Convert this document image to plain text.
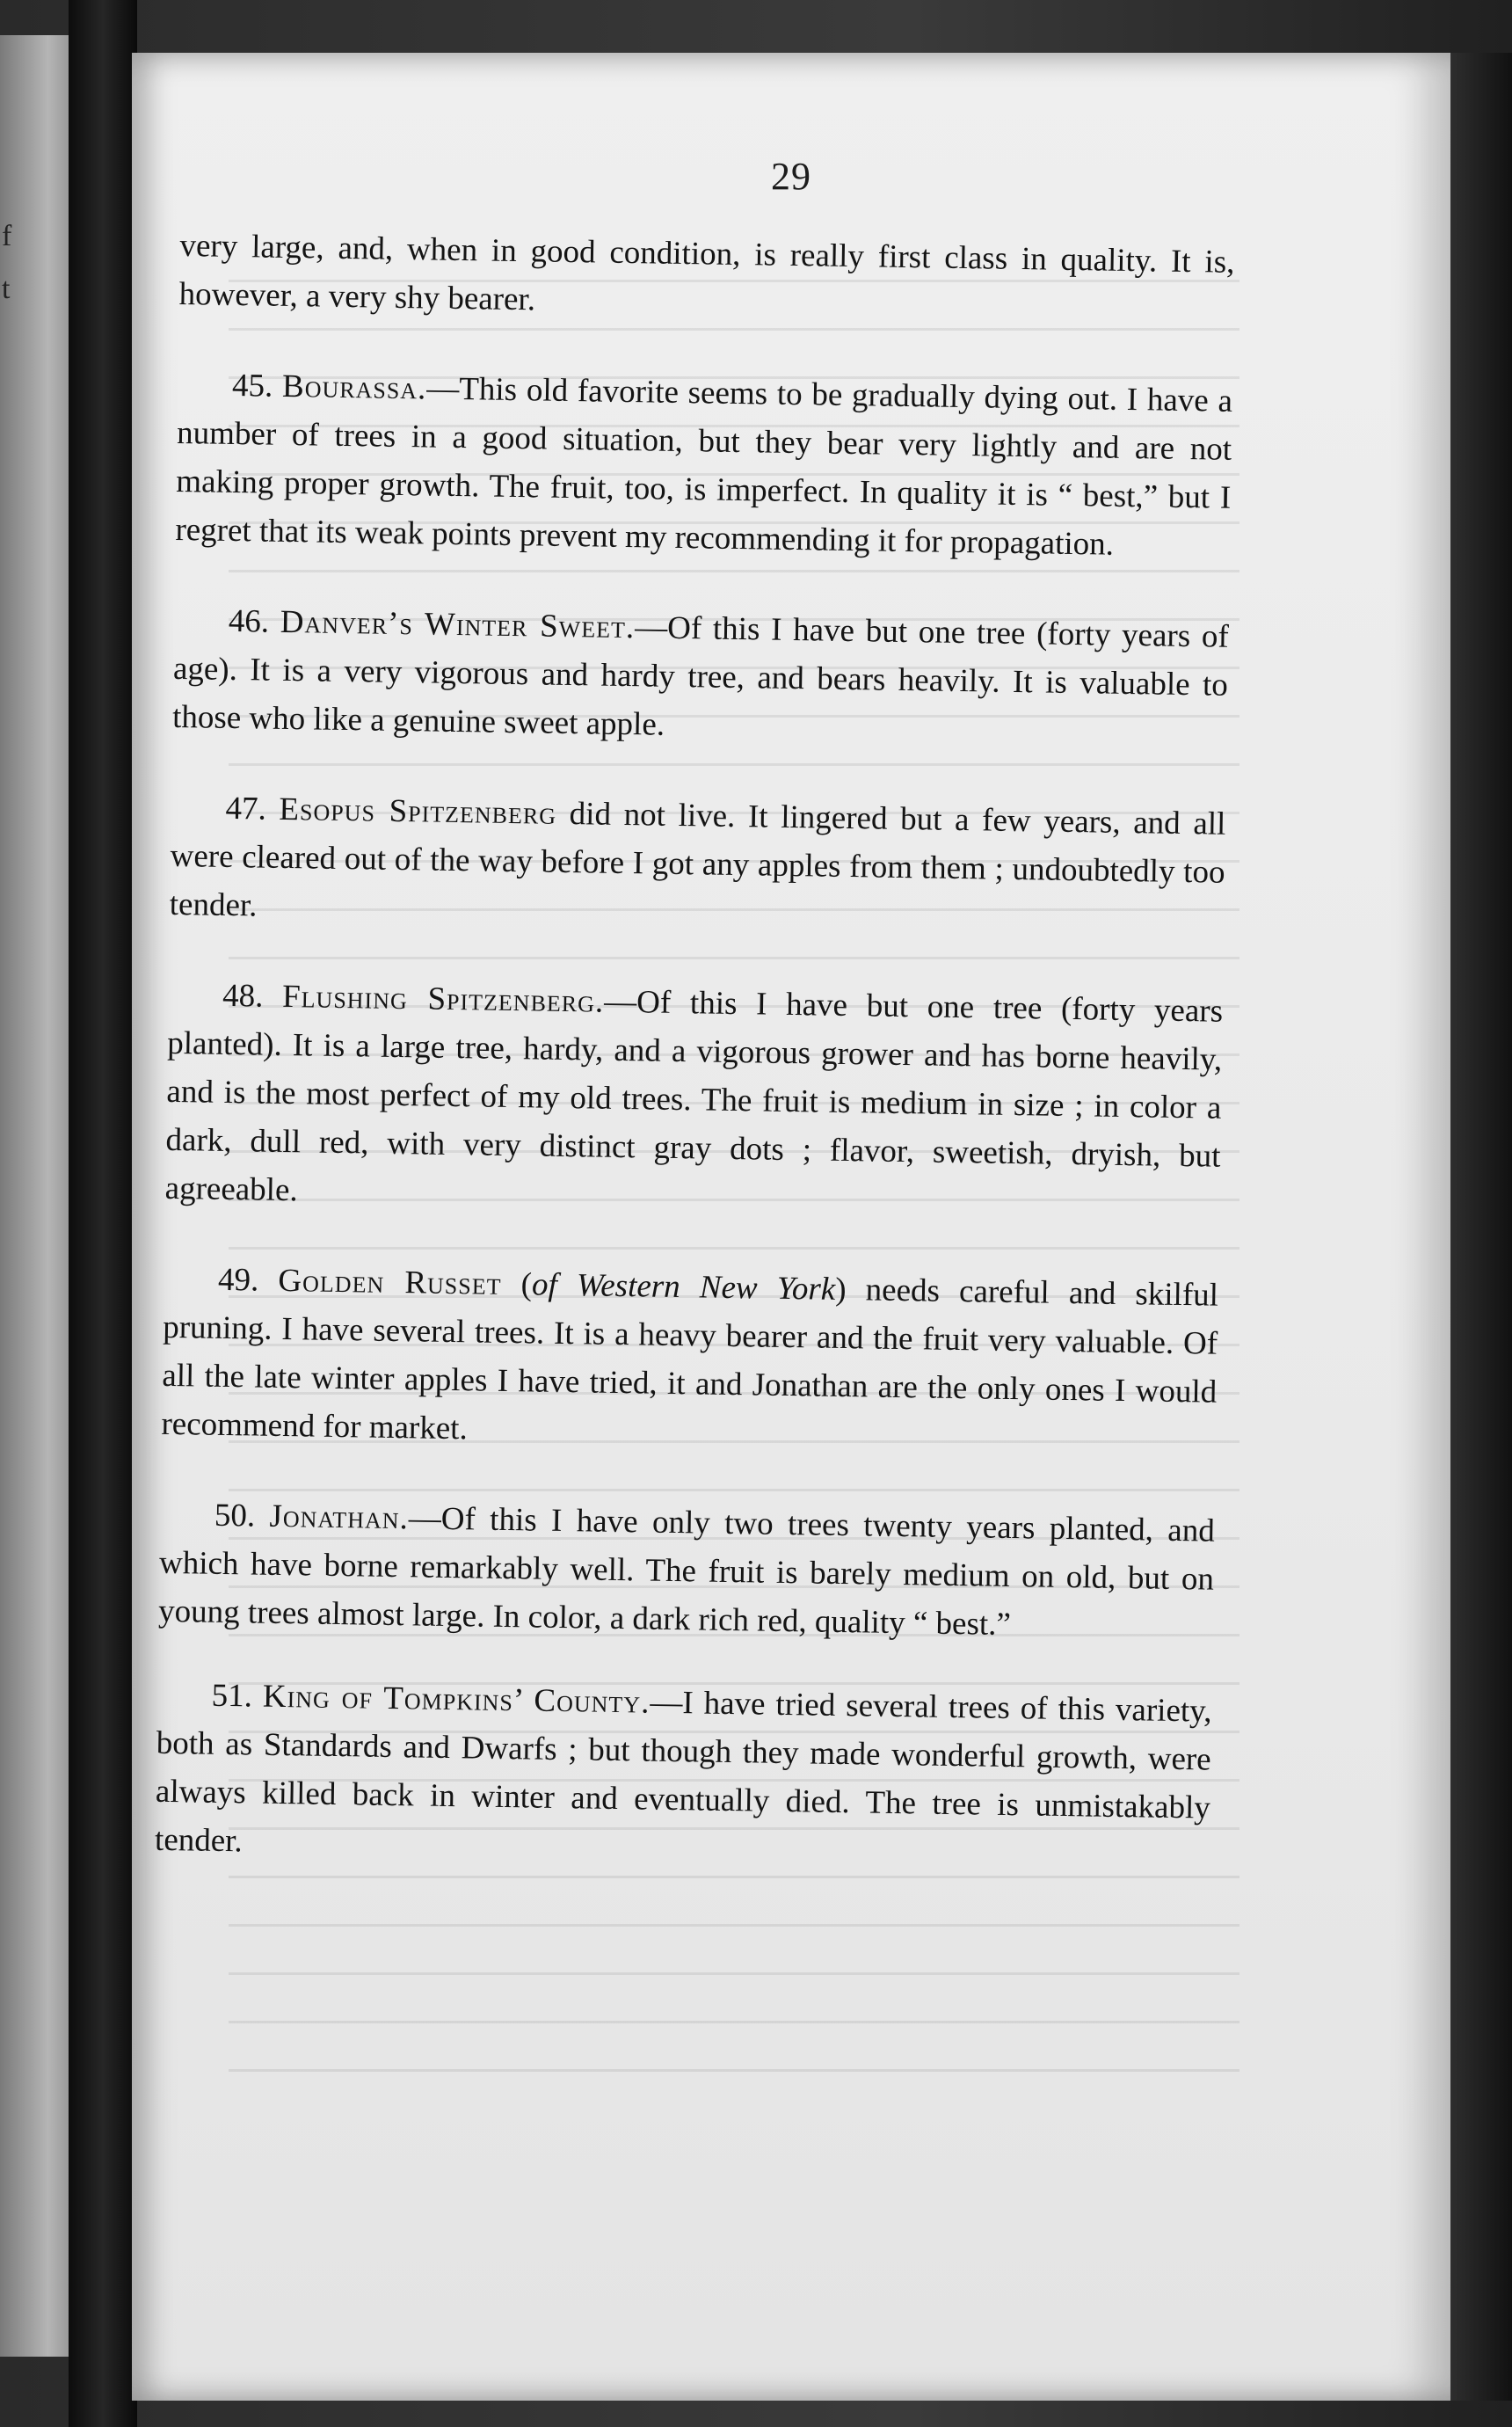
f
t
29

very large, and, when in good condition, is really first class in quality. It is, however, a very shy bearer.

45. Bourassa.—This old favorite seems to be gradually dying out. I have a number of trees in a good situation, but they bear very lightly and are not making proper growth. The fruit, too, is imperfect. In quality it is “ best,” but I regret that its weak points prevent my recommending it for propagation.

46. Danver’s Winter Sweet.—Of this I have but one tree (forty years of age). It is a very vigorous and hardy tree, and bears heavily. It is valuable to those who like a genuine sweet apple.

47. Esopus Spitzenberg did not live. It lingered but a few years, and all were cleared out of the way before I got any apples from them ; undoubtedly too tender.

48. Flushing Spitzenberg.—Of this I have but one tree (forty years planted). It is a large tree, hardy, and a vigorous grower and has borne heavily, and is the most perfect of my old trees. The fruit is medium in size ; in color a dark, dull red, with very distinct gray dots ; flavor, sweetish, dryish, but agreeable.

49. Golden Russet (of Western New York) needs careful and skilful pruning. I have several trees. It is a heavy bearer and the fruit very valuable. Of all the late winter apples I have tried, it and Jonathan are the only ones I would recommend for market.

50. Jonathan.—Of this I have only two trees twenty years planted, and which have borne remarkably well. The fruit is barely medium on old, but on young trees almost large. In color, a dark rich red, quality “ best.”

51. King of Tompkins’ County.—I have tried several trees of this variety, both as Standards and Dwarfs ; but though they made wonderful growth, were always killed back in winter and eventually died. The tree is unmistakably tender.
